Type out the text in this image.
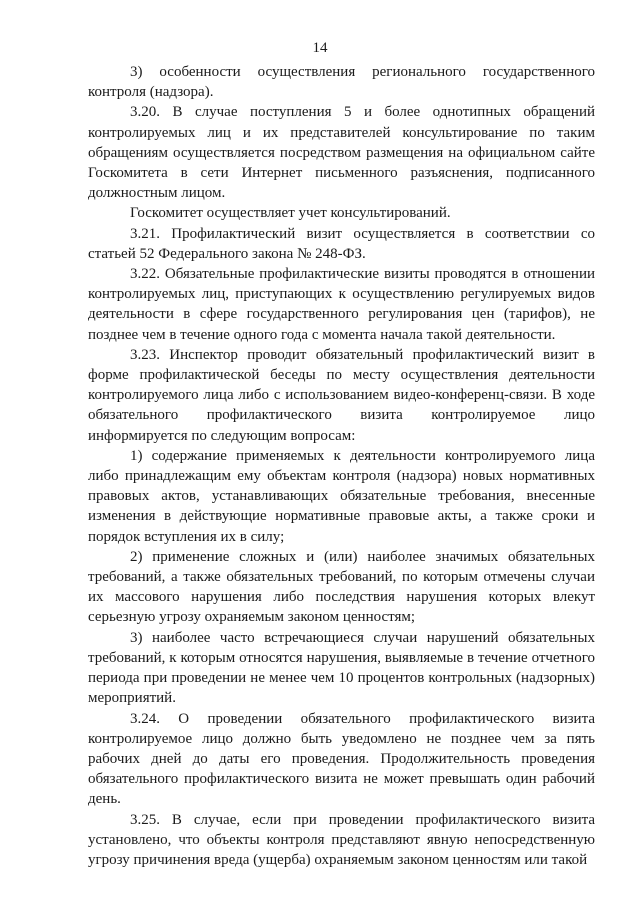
14

3) особенности осуществления регионального государственного контроля (надзора).

3.20. В случае поступления 5 и более однотипных обращений контролируемых лиц и их представителей консультирование по таким обращениям осуществляется посредством размещения на официальном сайте Госкомитета в сети Интернет письменного разъяснения, подписанного должностным лицом.

Госкомитет осуществляет учет консультирований.

3.21. Профилактический визит осуществляется в соответствии со статьей 52 Федерального закона № 248-ФЗ.

3.22. Обязательные профилактические визиты проводятся в отношении контролируемых лиц, приступающих к осуществлению регулируемых видов деятельности в сфере государственного регулирования цен (тарифов), не позднее чем в течение одного года с момента начала такой деятельности.

3.23. Инспектор проводит обязательный профилактический визит в форме профилактической беседы по месту осуществления деятельности контролируемого лица либо с использованием видео-конференц-связи. В ходе обязательного профилактического визита контролируемое лицо информируется по следующим вопросам:

1) содержание применяемых к деятельности контролируемого лица либо принадлежащим ему объектам контроля (надзора) новых нормативных правовых актов, устанавливающих обязательные требования, внесенные изменения в действующие нормативные правовые акты, а также сроки и порядок вступления их в силу;

2) применение сложных и (или) наиболее значимых обязательных требований, а также обязательных требований, по которым отмечены случаи их массового нарушения либо последствия нарушения которых влекут серьезную угрозу охраняемым законом ценностям;

3) наиболее часто встречающиеся случаи нарушений обязательных требований, к которым относятся нарушения, выявляемые в течение отчетного периода при проведении не менее чем 10 процентов контрольных (надзорных) мероприятий.

3.24. О проведении обязательного профилактического визита контролируемое лицо должно быть уведомлено не позднее чем за пять рабочих дней до даты его проведения. Продолжительность проведения обязательного профилактического визита не может превышать один рабочий день.

3.25. В случае, если при проведении профилактического визита установлено, что объекты контроля представляют явную непосредственную угрозу причинения вреда (ущерба) охраняемым законом ценностям или такой
